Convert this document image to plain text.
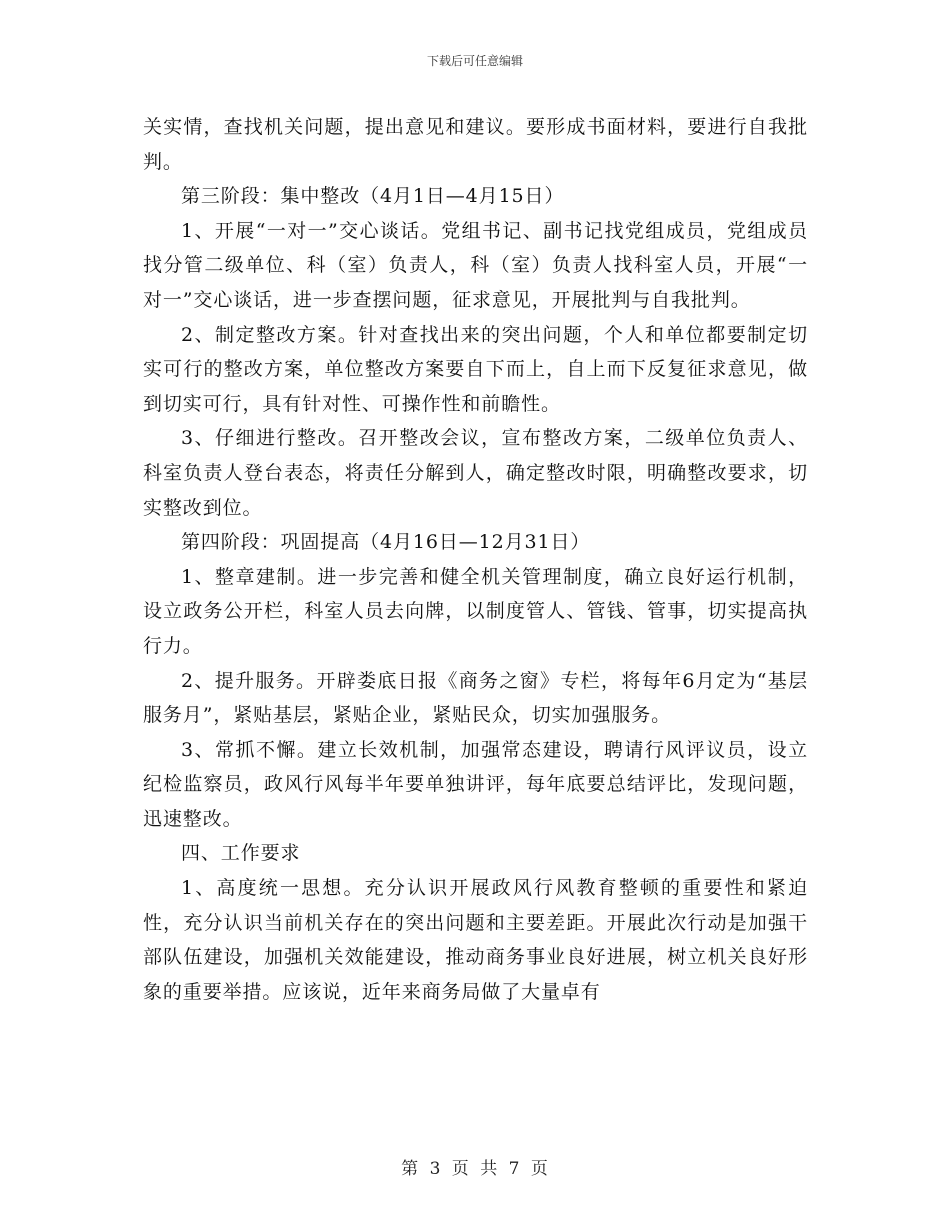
下载后可任意编辑

关实情，查找机关问题，提出意见和建议。要形成书面材料，要进行自我批判。

第三阶段：集中整改（4月1日—4月15日）

1、开展“一对一”交心谈话。党组书记、副书记找党组成员，党组成员找分管二级单位、科（室）负责人，科（室）负责人找科室人员，开展“一对一”交心谈话，进一步查摆问题，征求意见，开展批判与自我批判。

2、制定整改方案。针对查找出来的突出问题，个人和单位都要制定切实可行的整改方案，单位整改方案要自下而上，自上而下反复征求意见，做到切实可行，具有针对性、可操作性和前瞻性。

3、仔细进行整改。召开整改会议，宣布整改方案，二级单位负责人、科室负责人登台表态，将责任分解到人，确定整改时限，明确整改要求，切实整改到位。

第四阶段：巩固提高（4月16日—12月31日）

1、整章建制。进一步完善和健全机关管理制度，确立良好运行机制，设立政务公开栏，科室人员去向牌，以制度管人、管钱、管事，切实提高执行力。

2、提升服务。开辟娄底日报《商务之窗》专栏，将每年6月定为“基层服务月”，紧贴基层，紧贴企业，紧贴民众，切实加强服务。

3、常抓不懈。建立长效机制，加强常态建设，聘请行风评议员，设立纪检监察员，政风行风每半年要单独讲评，每年底要总结评比，发现问题，迅速整改。

四、工作要求

1、高度统一思想。充分认识开展政风行风教育整顿的重要性和紧迫性，充分认识当前机关存在的突出问题和主要差距。开展此次行动是加强干部队伍建设，加强机关效能建设，推动商务事业良好进展，树立机关良好形象的重要举措。应该说，近年来商务局做了大量卓有

第 3 页 共 7 页
